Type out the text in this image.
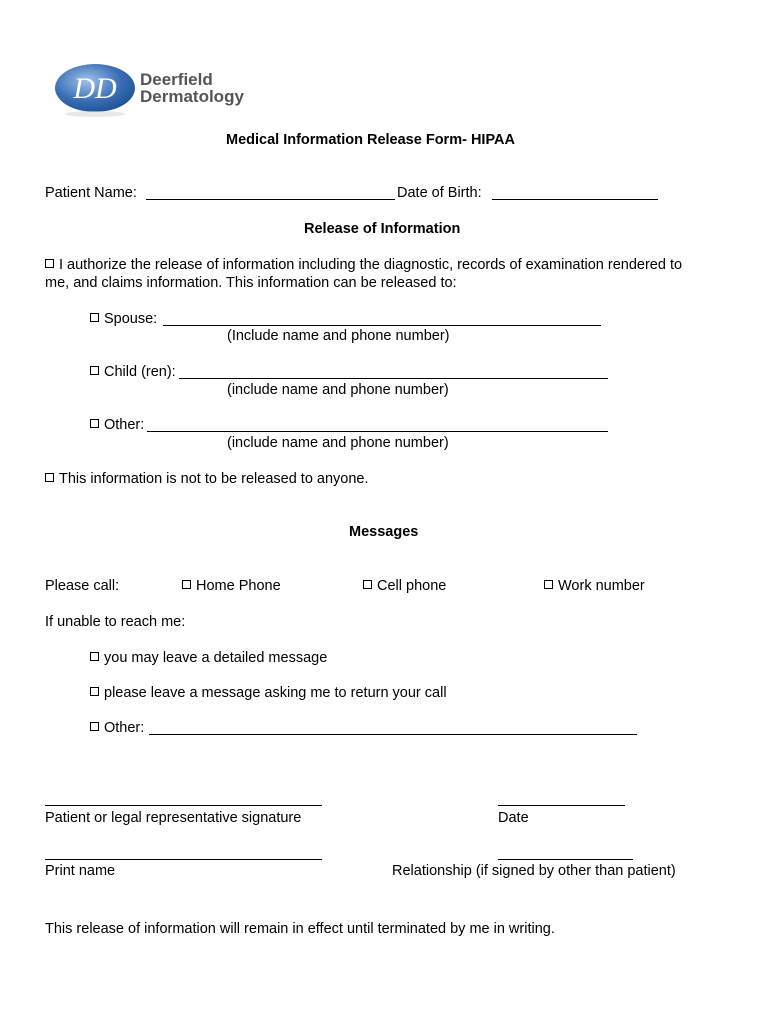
DD Deerfield
Dermatology
Medical Information Release Form- HIPAA
Patient Name:	Date of Birth:
Release of Information
I authorize the release of information including the diagnostic, records of examination rendered to
me, and claims information. This information can be released to:
Spouse:
(Include name and phone number)
Child (ren):
(include name and phone number)
Other:
(include name and phone number)
This information is not to be released to anyone.
Messages
Please call:	Home Phone	Cell phone	Work number
If unable to reach me:
you may leave a detailed message
please leave a message asking me to return your call
Other:
Patient or legal representative signature	Date
Print name	Relationship (if signed by other than patient)
This release of information will remain in effect until terminated by me in writing.
